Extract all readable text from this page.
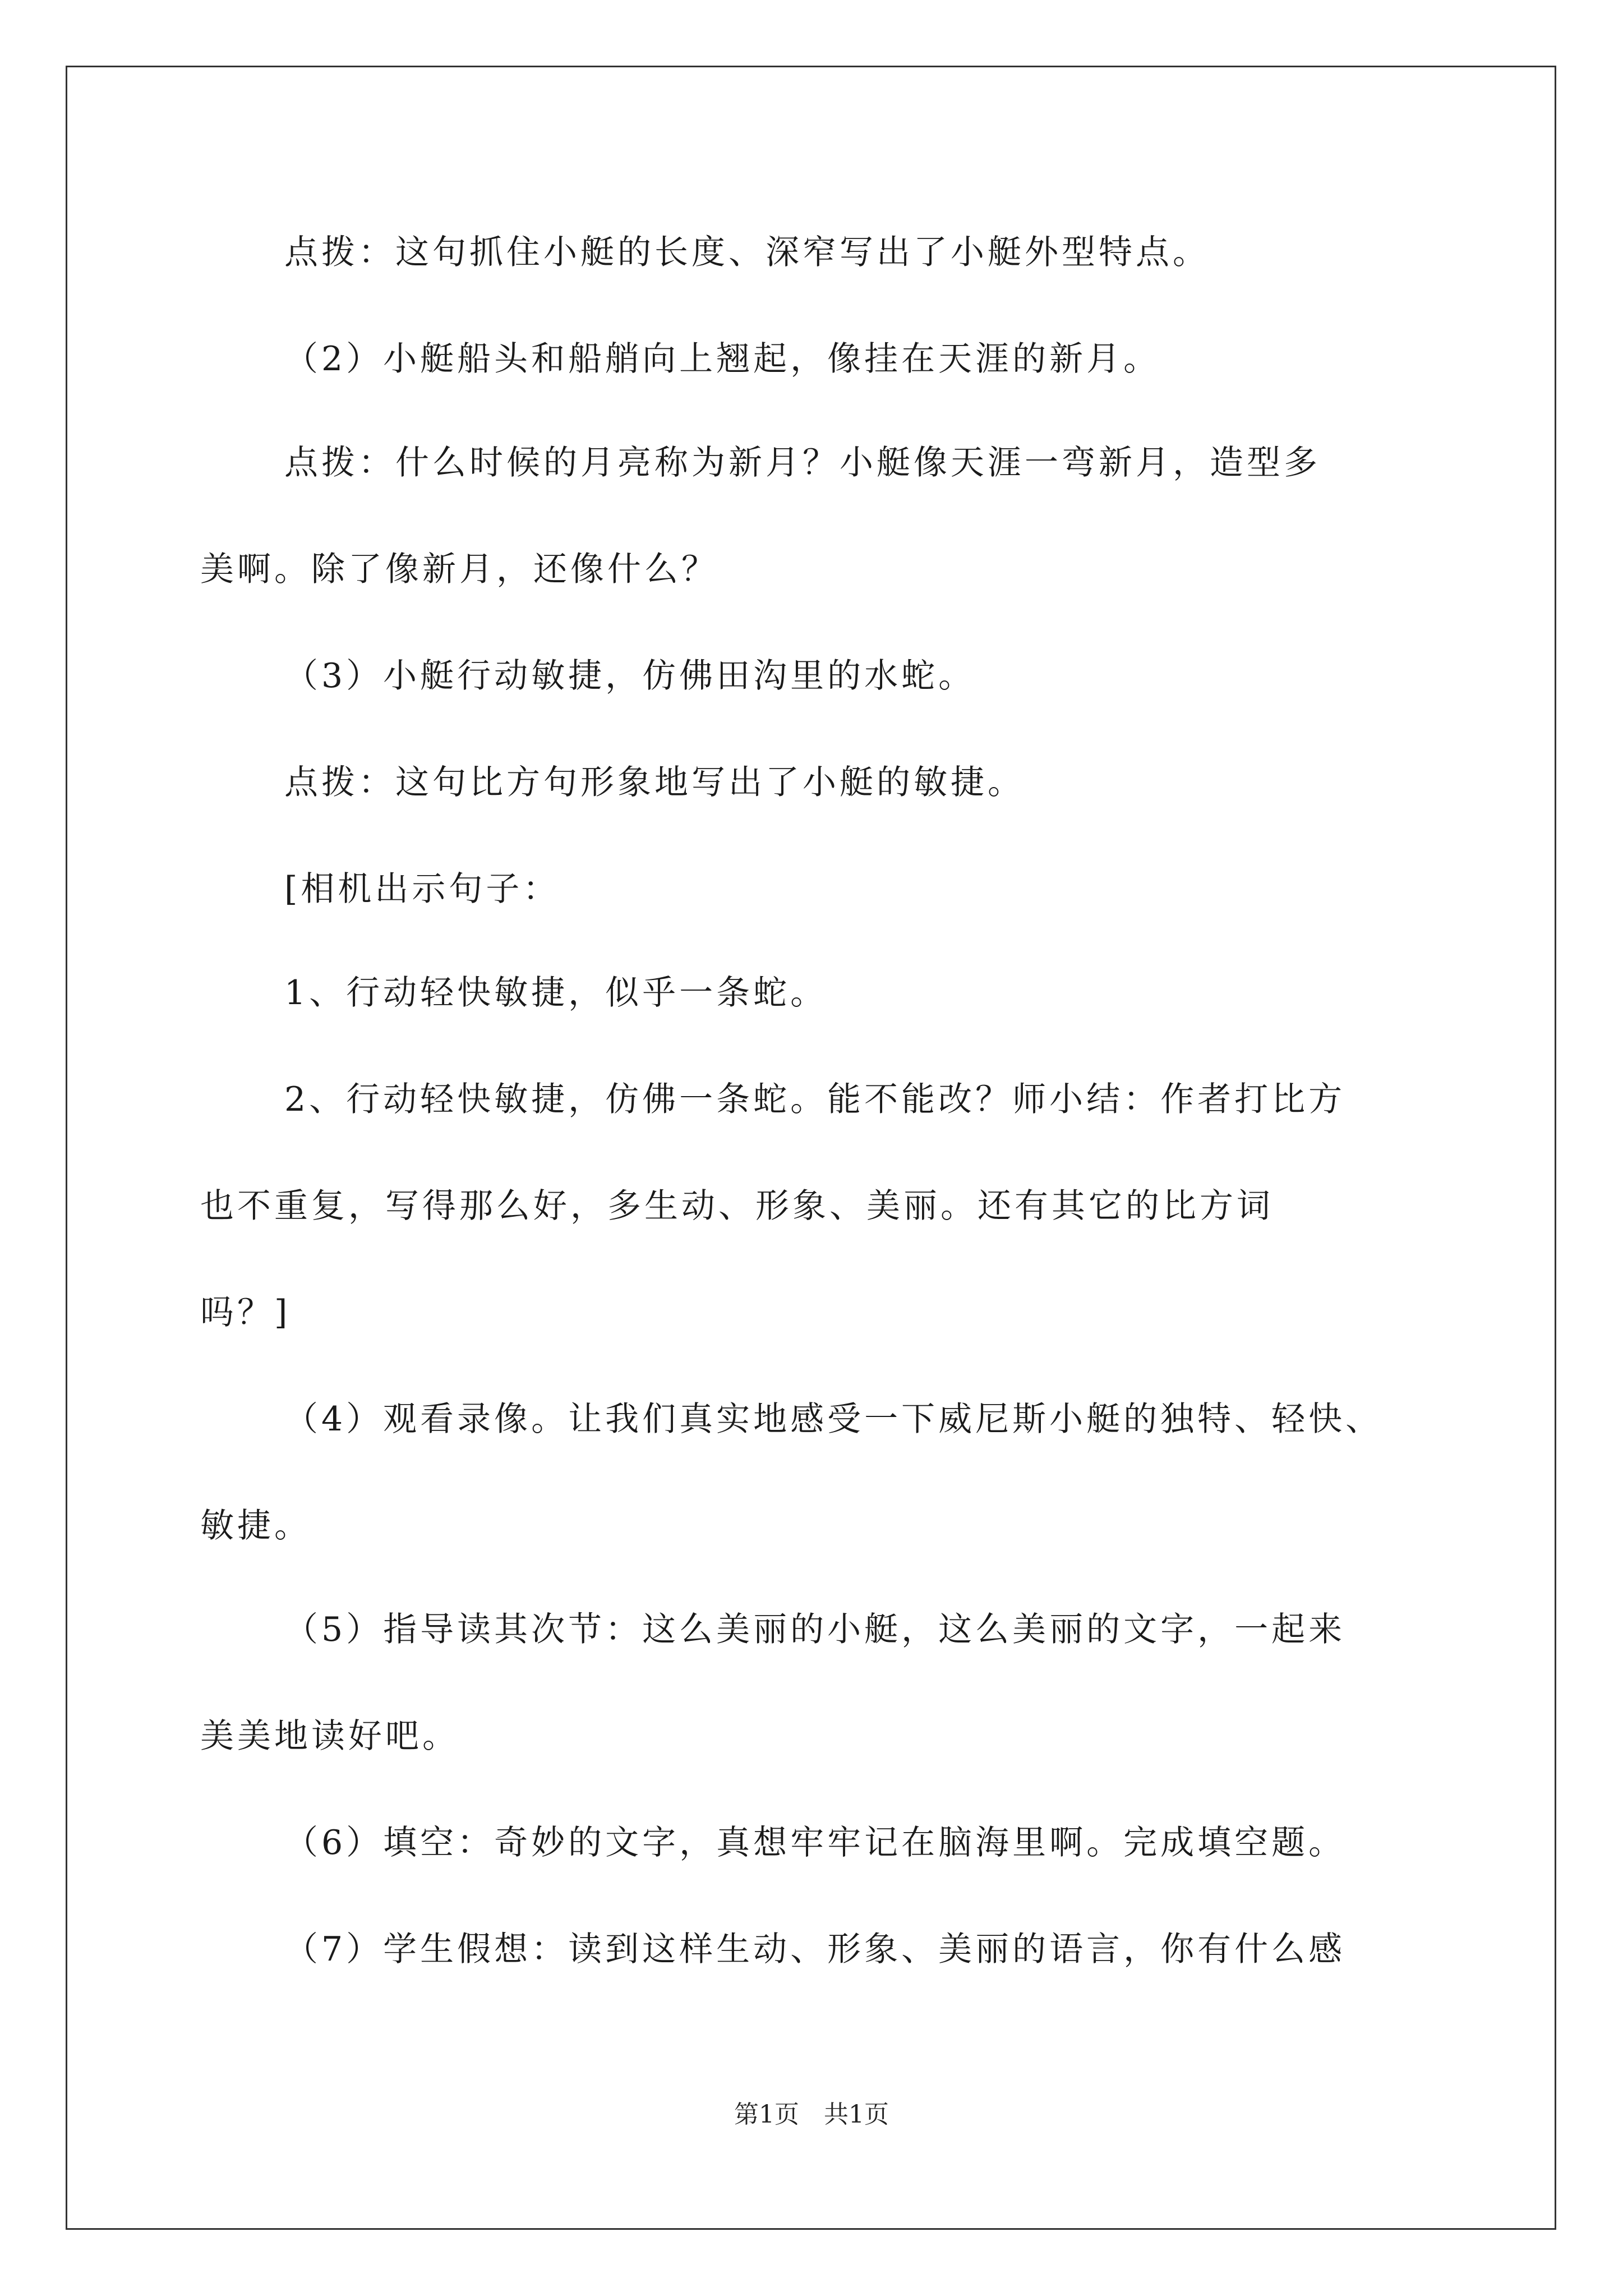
点拨：这句抓住小艇的长度、深窄写出了小艇外型特点。
（2）小艇船头和船艄向上翘起，像挂在天涯的新月。
点拨：什么时候的月亮称为新月？小艇像天涯一弯新月，造型多
美啊。除了像新月，还像什么？
（3）小艇行动敏捷，仿佛田沟里的水蛇。
点拨：这句比方句形象地写出了小艇的敏捷。
[相机出示句子：
1、行动轻快敏捷，似乎一条蛇。
2、行动轻快敏捷，仿佛一条蛇。能不能改？师小结：作者打比方
也不重复，写得那么好，多生动、形象、美丽。还有其它的比方词
吗？]
（4）观看录像。让我们真实地感受一下威尼斯小艇的独特、轻快、
敏捷。
（5）指导读其次节：这么美丽的小艇，这么美丽的文字，一起来
美美地读好吧。
（6）填空：奇妙的文字，真想牢牢记在脑海里啊。完成填空题。
（7）学生假想：读到这样生动、形象、美丽的语言，你有什么感
第1页　共1页
